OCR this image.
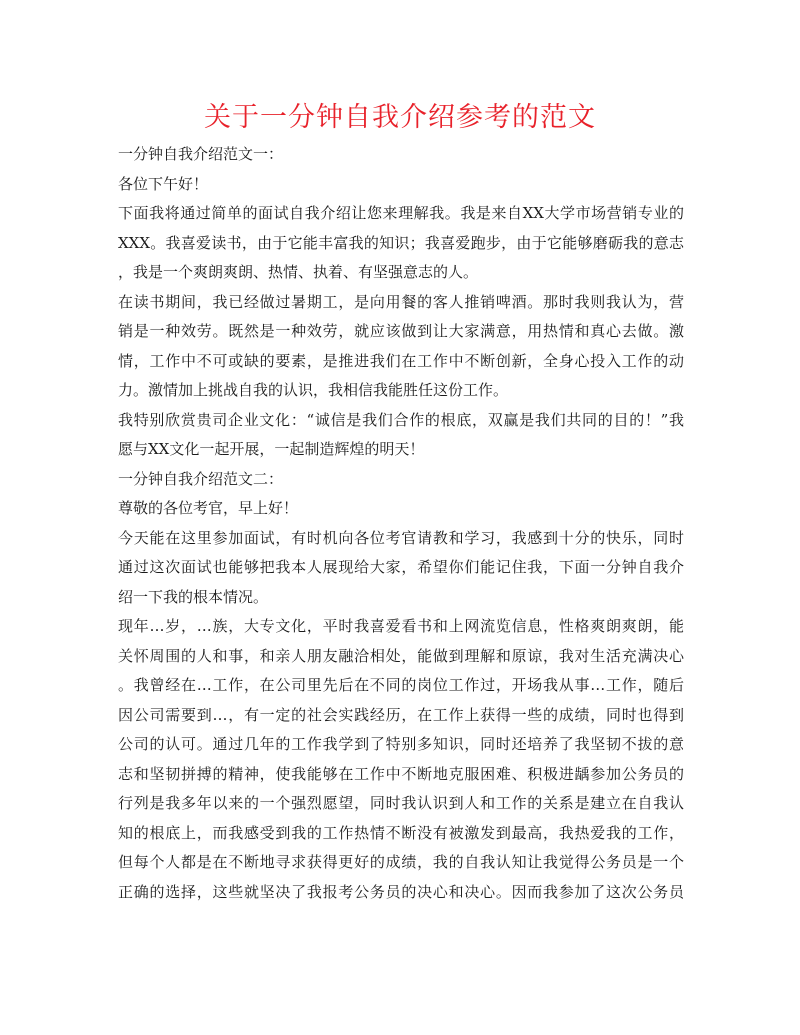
关于一分钟自我介绍参考的范文
一分钟自我介绍范文一：
各位下午好！
下面我将通过简单的面试自我介绍让您来理解我。我是来自XX大学市场营销专业的
XXX。我喜爱读书，由于它能丰富我的知识；我喜爱跑步，由于它能够磨砺我的意志
，我是一个爽朗爽朗、热情、执着、有坚强意志的人。
在读书期间，我已经做过暑期工，是向用餐的客人推销啤酒。那时我则我认为，营
销是一种效劳。既然是一种效劳，就应该做到让大家满意，用热情和真心去做。激
情，工作中不可或缺的要素，是推进我们在工作中不断创新，全身心投入工作的动
力。激情加上挑战自我的认识，我相信我能胜任这份工作。
我特别欣赏贵司企业文化：“诚信是我们合作的根底，双赢是我们共同的目的！”我
愿与XX文化一起开展，一起制造辉煌的明天！
一分钟自我介绍范文二：
尊敬的各位考官，早上好！
今天能在这里参加面试，有时机向各位考官请教和学习，我感到十分的快乐，同时
通过这次面试也能够把我本人展现给大家，希望你们能记住我，下面一分钟自我介
绍一下我的根本情况。
现年…岁，…族，大专文化，平时我喜爱看书和上网流览信息，性格爽朗爽朗，能
关怀周围的人和事，和亲人朋友融洽相处，能做到理解和原谅，我对生活充满决心
。我曾经在…工作，在公司里先后在不同的岗位工作过，开场我从事…工作，随后
因公司需要到…，有一定的社会实践经历，在工作上获得一些的成绩，同时也得到
公司的认可。通过几年的工作我学到了特别多知识，同时还培养了我坚韧不拔的意
志和坚韧拼搏的精神，使我能够在工作中不断地克服困难、积极进龋参加公务员的
行列是我多年以来的一个强烈愿望，同时我认识到人和工作的关系是建立在自我认
知的根底上，而我感受到我的工作热情不断没有被激发到最高，我热爱我的工作，
但每个人都是在不断地寻求获得更好的成绩，我的自我认知让我觉得公务员是一个
正确的选择，这些就坚决了我报考公务员的决心和决心。因而我参加了这次公务员
